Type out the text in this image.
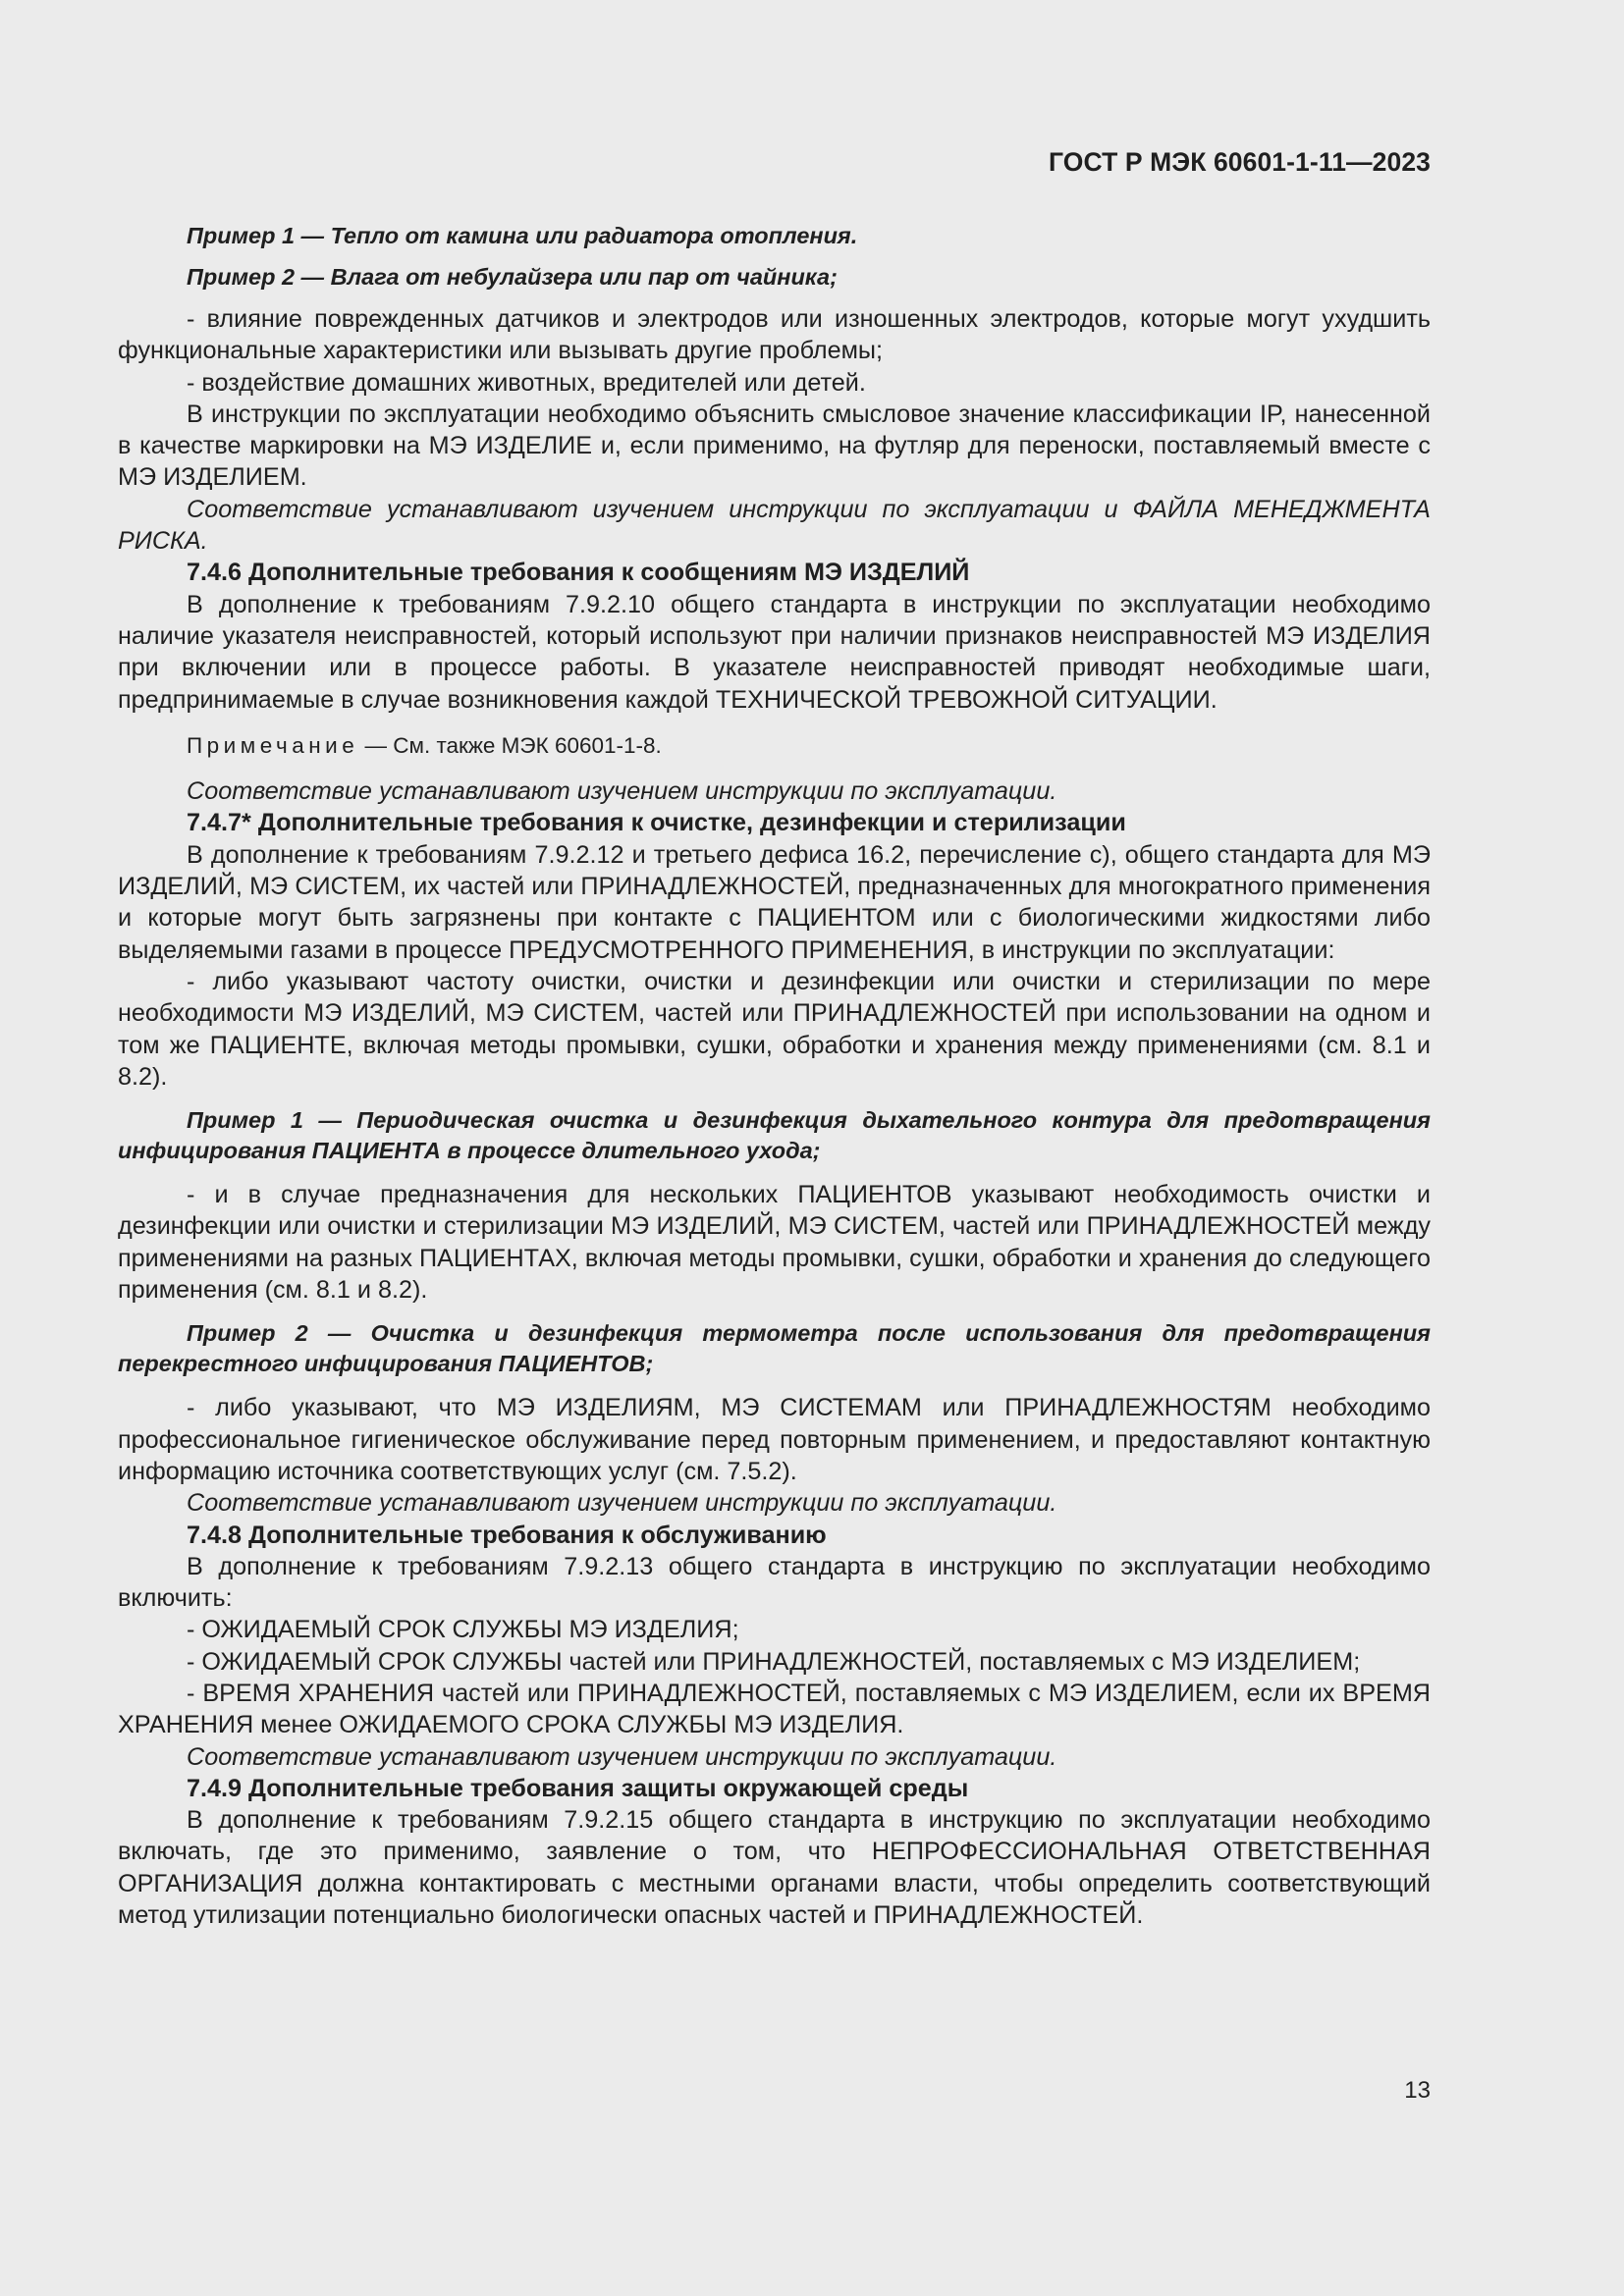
ГОСТ Р МЭК 60601-1-11—2023

Пример 1 — Тепло от камина или радиатора отопления.

Пример 2 — Влага от небулайзера или пар от чайника;

- влияние поврежденных датчиков и электродов или изношенных электродов, которые могут ухудшить функциональные характеристики или вызывать другие проблемы;

- воздействие домашних животных, вредителей или детей.

В инструкции по эксплуатации необходимо объяснить смысловое значение классификации IP, нанесенной в качестве маркировки на МЭ ИЗДЕЛИЕ и, если применимо, на футляр для переноски, поставляемый вместе с МЭ ИЗДЕЛИЕМ.

Соответствие устанавливают изучением инструкции по эксплуатации и ФАЙЛА МЕНЕДЖМЕНТА РИСКА.

7.4.6 Дополнительные требования к сообщениям МЭ ИЗДЕЛИЙ

В дополнение к требованиям 7.9.2.10 общего стандарта в инструкции по эксплуатации необходимо наличие указателя неисправностей, который используют при наличии признаков неисправностей МЭ ИЗДЕЛИЯ при включении или в процессе работы. В указателе неисправностей приводят необходимые шаги, предпринимаемые в случае возникновения каждой ТЕХНИЧЕСКОЙ ТРЕВОЖНОЙ СИТУАЦИИ.

Примечание — См. также МЭК 60601-1-8.

Соответствие устанавливают изучением инструкции по эксплуатации.

7.4.7* Дополнительные требования к очистке, дезинфекции и стерилизации

В дополнение к требованиям 7.9.2.12 и третьего дефиса 16.2, перечисление с), общего стандарта для МЭ ИЗДЕЛИЙ, МЭ СИСТЕМ, их частей или ПРИНАДЛЕЖНОСТЕЙ, предназначенных для многократного применения и которые могут быть загрязнены при контакте с ПАЦИЕНТОМ или с биологическими жидкостями либо выделяемыми газами в процессе ПРЕДУСМОТРЕННОГО ПРИМЕНЕНИЯ, в инструкции по эксплуатации:

- либо указывают частоту очистки, очистки и дезинфекции или очистки и стерилизации по мере необходимости МЭ ИЗДЕЛИЙ, МЭ СИСТЕМ, частей или ПРИНАДЛЕЖНОСТЕЙ при использовании на одном и том же ПАЦИЕНТЕ, включая методы промывки, сушки, обработки и хранения между применениями (см. 8.1 и 8.2).

Пример 1 — Периодическая очистка и дезинфекция дыхательного контура для предотвращения инфицирования ПАЦИЕНТА в процессе длительного ухода;

- и в случае предназначения для нескольких ПАЦИЕНТОВ указывают необходимость очистки и дезинфекции или очистки и стерилизации МЭ ИЗДЕЛИЙ, МЭ СИСТЕМ, частей или ПРИНАДЛЕЖНОСТЕЙ между применениями на разных ПАЦИЕНТАХ, включая методы промывки, сушки, обработки и хранения до следующего применения (см. 8.1 и 8.2).

Пример 2 — Очистка и дезинфекция термометра после использования для предотвращения перекрестного инфицирования ПАЦИЕНТОВ;

- либо указывают, что МЭ ИЗДЕЛИЯМ, МЭ СИСТЕМАМ или ПРИНАДЛЕЖНОСТЯМ необходимо профессиональное гигиеническое обслуживание перед повторным применением, и предоставляют контактную информацию источника соответствующих услуг (см. 7.5.2).

Соответствие устанавливают изучением инструкции по эксплуатации.

7.4.8 Дополнительные требования к обслуживанию

В дополнение к требованиям 7.9.2.13 общего стандарта в инструкцию по эксплуатации необходимо включить:

- ОЖИДАЕМЫЙ СРОК СЛУЖБЫ МЭ ИЗДЕЛИЯ;

- ОЖИДАЕМЫЙ СРОК СЛУЖБЫ частей или ПРИНАДЛЕЖНОСТЕЙ, поставляемых с МЭ ИЗДЕЛИЕМ;

- ВРЕМЯ ХРАНЕНИЯ частей или ПРИНАДЛЕЖНОСТЕЙ, поставляемых с МЭ ИЗДЕЛИЕМ, если их ВРЕМЯ ХРАНЕНИЯ менее ОЖИДАЕМОГО СРОКА СЛУЖБЫ МЭ ИЗДЕЛИЯ.

Соответствие устанавливают изучением инструкции по эксплуатации.

7.4.9 Дополнительные требования защиты окружающей среды

В дополнение к требованиям 7.9.2.15 общего стандарта в инструкцию по эксплуатации необходимо включать, где это применимо, заявление о том, что НЕПРОФЕССИОНАЛЬНАЯ ОТВЕТСТВЕННАЯ ОРГАНИЗАЦИЯ должна контактировать с местными органами власти, чтобы определить соответствующий метод утилизации потенциально биологически опасных частей и ПРИНАДЛЕЖНОСТЕЙ.

13
